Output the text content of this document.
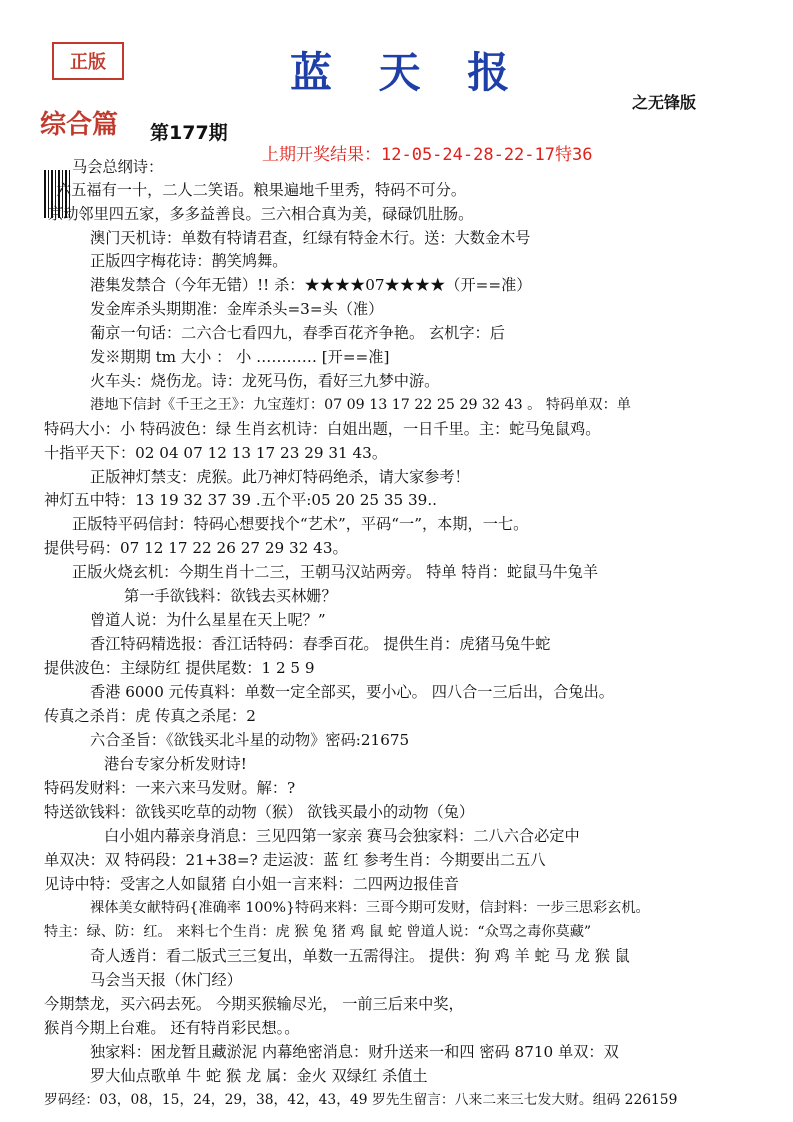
正版	蓝 天 报
之无锋版
综合篇 第177期
上期开奖结果：12-05-24-28-22-17特36
马会总纲诗：
六五福有一十，二人二笑语。粮果遍地千里秀，特码不可分。
京动邻里四五家，多多益善良。三六相合真为美，碌碌饥肚肠。
澳门天机诗：单数有特请君查，红绿有特金木行。送：大数金木号
正版四字梅花诗：鹊笑鸠舞。
港集发禁合（今年无错）!! 杀：★★★★07★★★★（开==准）
发金库杀头期期准：金库杀头=3=头（准）
葡京一句话：二六合七看四九，春季百花齐争艳。 玄机字：后
发※期期 tm 大小 ： 小 ………… [开==准]
火车头：烧伤龙。诗：龙死马伤，看好三九梦中游。
港地下信封《千王之王》：九宝莲灯：07 09 13 17 22 25 29 32 43 。 特码单双：单
特码大小：小 特码波色：绿 生肖玄机诗：白姐出题，一日千里。主：蛇马兔鼠鸡。
十指平天下：02 04 07 12 13 17 23 29 31 43。
正版神灯禁支：虎猴。此乃神灯特码绝杀，请大家参考！
神灯五中特：13 19 32 37 39 .五个平:05 20 25 35 39..
正版特平码信封：特码心想要找个“艺术”，平码“一”，本期，一七。
提供号码：07 12 17 22 26 27 29 32 43。
正版火烧玄机：今期生肖十二三，王朝马汉站两旁。 特单 特肖：蛇鼠马牛兔羊
第一手欲钱料：欲钱去买林姗？
曾道人说：为什么星星在天上呢？”
香江特码精选报：香江话特码：春季百花。 提供生肖：虎猪马兔牛蛇
提供波色：主绿防红 提供尾数：1 2 5 9
香港 6000 元传真料：单数一定全部买，要小心。 四八合一三后出，合兔出。
传真之杀肖：虎 传真之杀尾：2
六合圣旨：《欲钱买北斗星的动物》密码:21675
港台专家分析发财诗!
特码发财料：一来六来马发财。解：?
特送欲钱料：欲钱买吃草的动物（猴） 欲钱买最小的动物（兔）
白小姐内幕亲身消息：三见四第一家亲 赛马会独家料：二八六合必定中
单双决：双 特码段：21+38=? 走运波：蓝 红 参考生肖：今期要出二五八
见诗中特：受害之人如鼠猪 白小姐一言来料：二四两边报佳音
裸体美女献特码{准确率 100%}特码来料：三哥今期可发财，信封料：一步三思彩玄机。
特主：绿、防：红。 来料七个生肖：虎 猴 兔 猪 鸡 鼠 蛇 曾道人说：“众骂之毒你莫藏”
奇人透肖：看二版式三三复出，单数一五需得注。 提供：狗 鸡 羊 蛇 马 龙 猴 鼠
马会当天报（休门经）
今期禁龙，买六码去死。 今期买猴输尽光， 一前三后来中奖，
猴肖今期上台难。 还有特肖彩民想。。
独家料：困龙暂且藏淤泥 内幕绝密消息：财升送来一和四 密码 8710 单双：双
罗大仙点歌单 牛 蛇 猴 龙 属：金火 双绿红 杀值土
罗码经：03，08，15，24，29，38，42，43，49 罗先生留言：八来二来三七发大财。组码 226159
